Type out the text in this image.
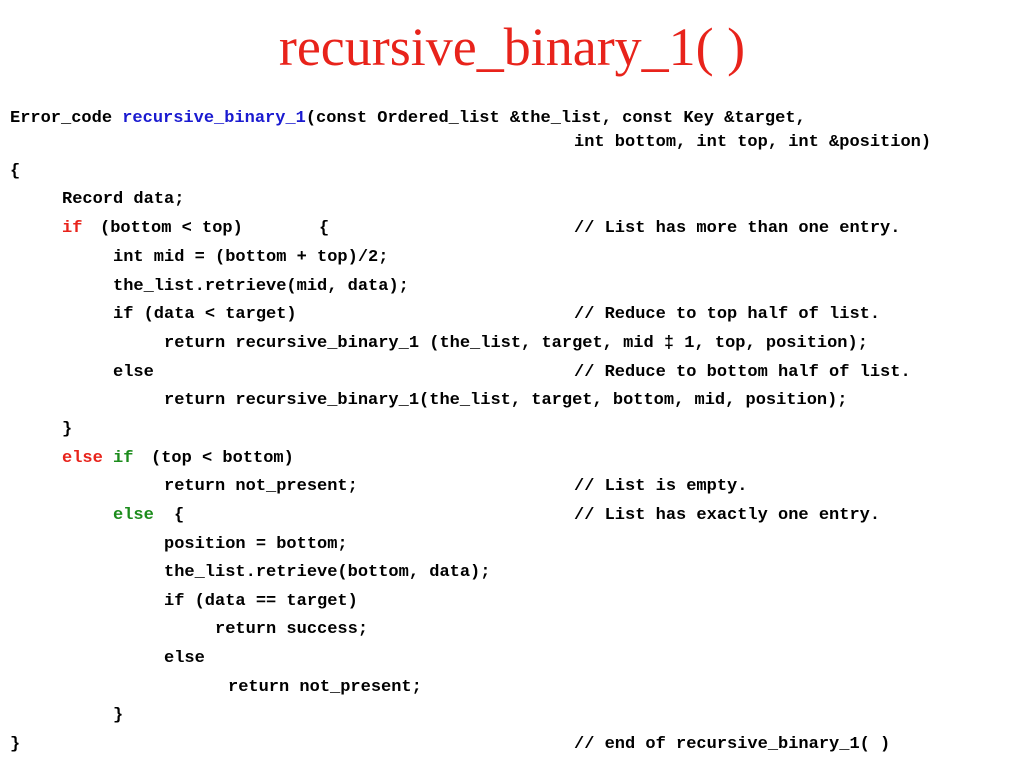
recursive_binary_1( )
Error_code recursive_binary_1(const Ordered_list &the_list, const Key &target,
int bottom, int top, int &position)
{
Record data;
if (bottom < top)	{	// List has more than one entry.
int mid = (bottom + top)/2;
the_list.retrieve(mid, data);
if (data < target)	// Reduce to top half of list.
return recursive_binary_1 (the_list, target, mid ‡ 1, top, position);
else	// Reduce to bottom half of list.
return recursive_binary_1(the_list, target, bottom, mid, position);
}
else if (top < bottom)
return not_present;	// List is empty.
else {	// List has exactly one entry.
position = bottom;
the_list.retrieve(bottom, data);
if (data == target)
return success;
else
return not_present;
}
}	// end of recursive_binary_1( )
